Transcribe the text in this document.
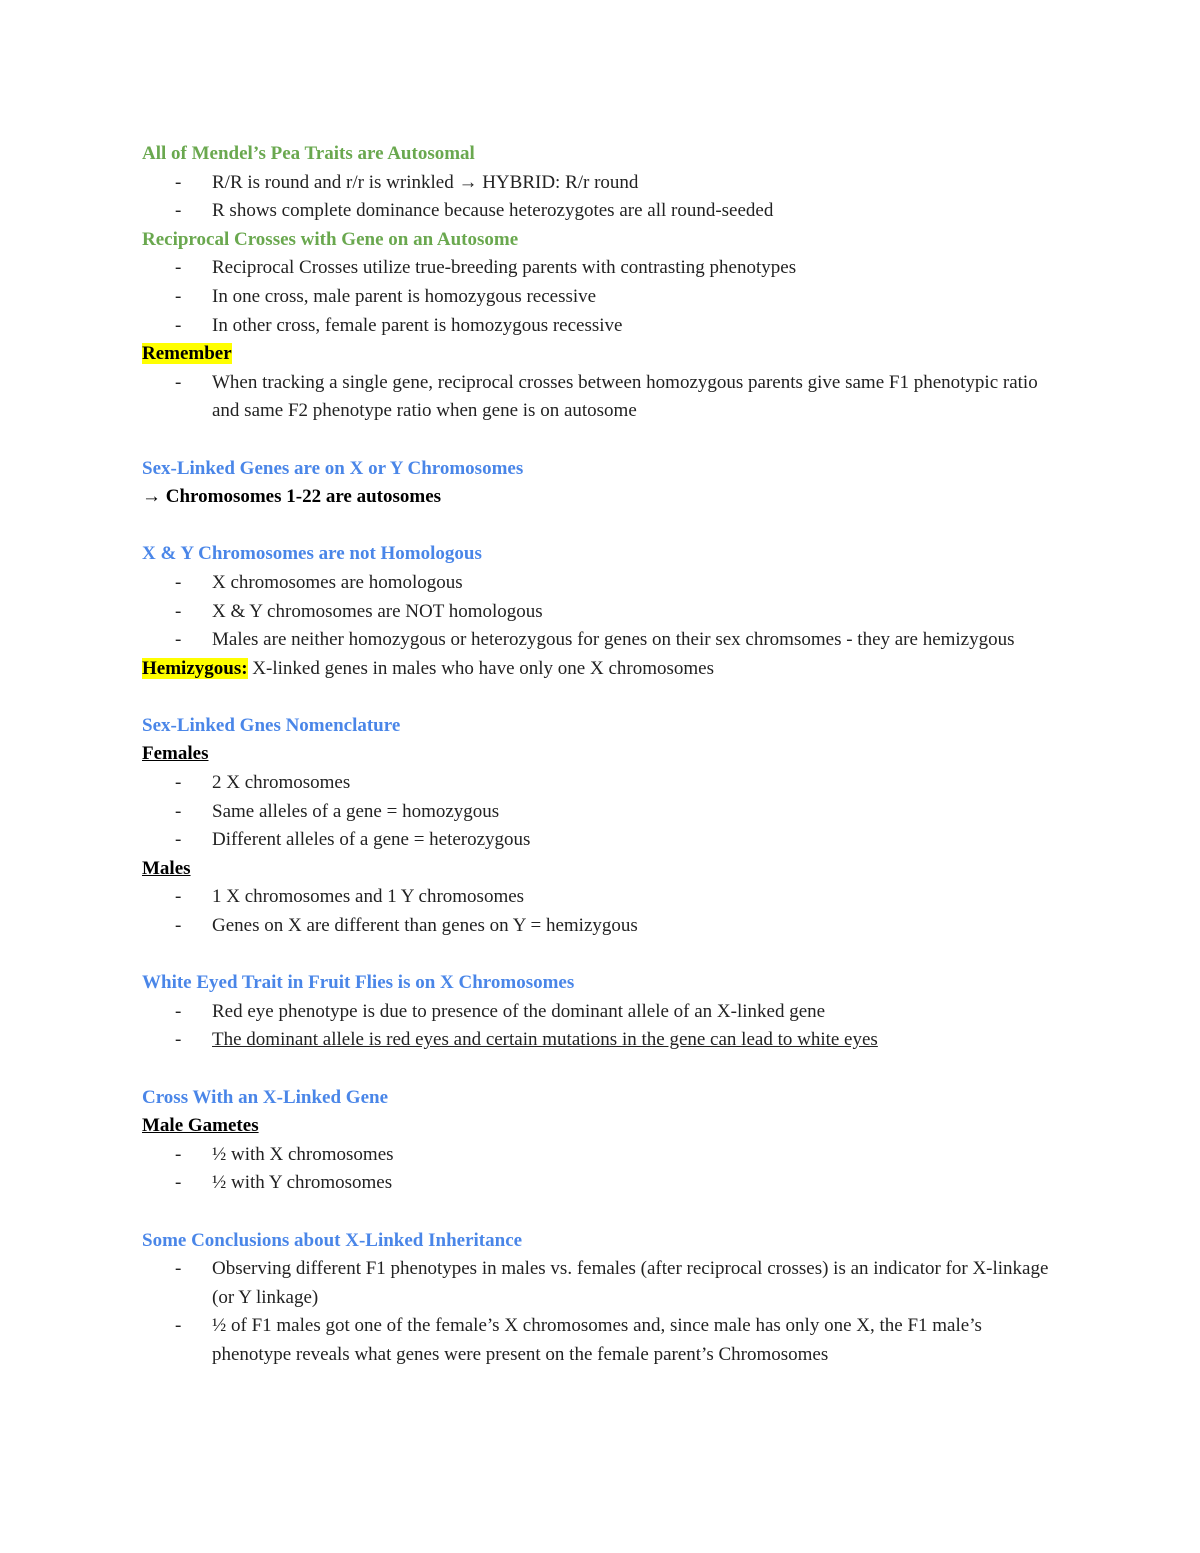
All of Mendel’s Pea Traits are Autosomal
- R/R is round and r/r is wrinkled → HYBRID: R/r round
- R shows complete dominance because heterozygotes are all round-seeded
Reciprocal Crosses with Gene on an Autosome
- Reciprocal Crosses utilize true-breeding parents with contrasting phenotypes
- In one cross, male parent is homozygous recessive
- In other cross, female parent is homozygous recessive
Remember
- When tracking a single gene, reciprocal crosses between homozygous parents give same F1 phenotypic ratio and same F2 phenotype ratio when gene is on autosome
Sex-Linked Genes are on X or Y Chromosomes
→ Chromosomes 1-22 are autosomes
X & Y Chromosomes are not Homologous
- X chromosomes are homologous
- X & Y chromosomes are NOT homologous
- Males are neither homozygous or heterozygous for genes on their sex chromsomes - they are hemizygous
Hemizygous: X-linked genes in males who have only one X chromosomes
Sex-Linked Gnes Nomenclature
Females
- 2 X chromosomes
- Same alleles of a gene = homozygous
- Different alleles of a gene = heterozygous
Males
- 1 X chromosomes and 1 Y chromosomes
- Genes on X are different than genes on Y = hemizygous
White Eyed Trait in Fruit Flies is on X Chromosomes
- Red eye phenotype is due to presence of the dominant allele of an X-linked gene
- The dominant allele is red eyes and certain mutations in the gene can lead to white eyes
Cross With an X-Linked Gene
Male Gametes
- ½ with X chromosomes
- ½ with Y chromosomes
Some Conclusions about X-Linked Inheritance
- Observing different F1 phenotypes in males vs. females (after reciprocal crosses) is an indicator for X-linkage (or Y linkage)
- ½ of F1 males got one of the female’s X chromosomes and, since male has only one X, the F1 male’s phenotype reveals what genes were present on the female parent’s Chromosomes
